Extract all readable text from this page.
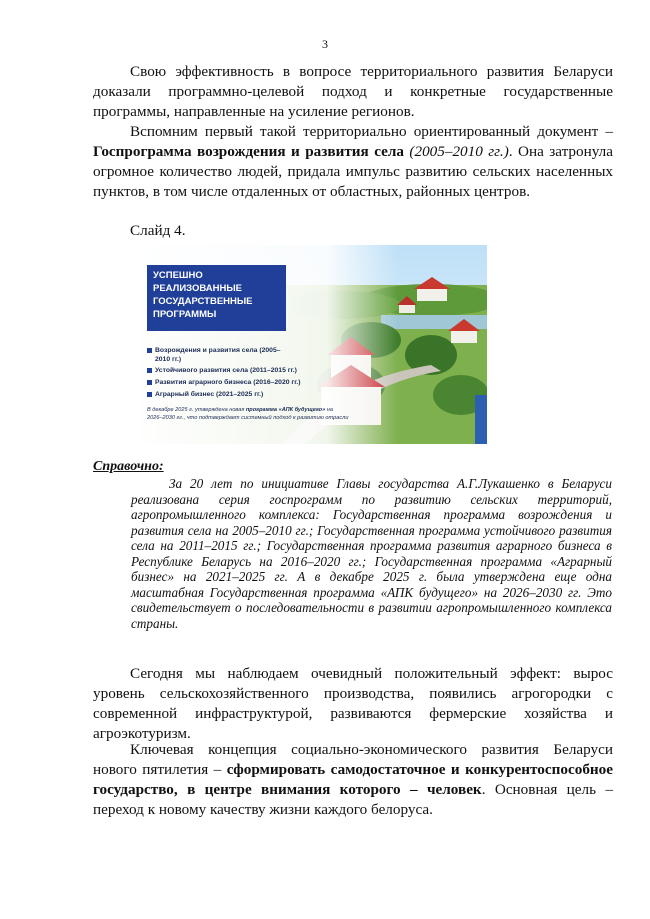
3

Свою эффективность в вопросе территориального развития Беларуси доказали программно-целевой подход и конкретные государственные программы, направленные на усиление регионов.

Вспомним первый такой территориально ориентированный документ – Госпрограмма возрождения и развития села (2005–2010 гг.). Она затронула огромное количество людей, придала импульс развитию сельских населенных пунктов, в том числе отдаленных от областных, районных центров.

Слайд 4.
УСПЕШНО
РЕАЛИЗОВАННЫЕ
ГОСУДАРСТВЕННЫЕ
ПРОГРАММЫ
Возрождения и развития села (2005–
2010 гг.)
Устойчивого развития села (2011–2015 гг.)
Развития аграрного бизнеса (2016–2020 гг.)
Аграрный бизнес (2021–2025 гг.)
В декабре 2025 г. утверждена новая программа «АПК будущего» на
2026–2030 гг., что подтверждает системный подход к развитию отрасли
Справочно:

За 20 лет по инициативе Главы государства А.Г.Лукашенко в Беларуси реализована серия госпрограмм по развитию сельских территорий, агропромышленного комплекса: Государственная программа возрождения и развития села на 2005–2010 гг.; Государственная программа устойчивого развития села на 2011–2015 гг.; Государственная программа развития аграрного бизнеса в Республике Беларусь на 2016–2020 гг.; Государственная программа «Аграрный бизнес» на 2021–2025 гг. А в декабре 2025 г. была утверждена еще одна масштабная Государственная программа «АПК будущего» на 2026–2030 гг. Это свидетельствует о последовательности в развитии агропромышленного комплекса страны.

Сегодня мы наблюдаем очевидный положительный эффект: вырос уровень сельскохозяйственного производства, появились агрогородки с современной инфраструктурой, развиваются фермерские хозяйства и агроэкотуризм.

Ключевая концепция социально-экономического развития Беларуси нового пятилетия – сформировать самодостаточное и конкурентоспособное государство, в центре внимания которого – человек. Основная цель – переход к новому качеству жизни каждого белоруса.
